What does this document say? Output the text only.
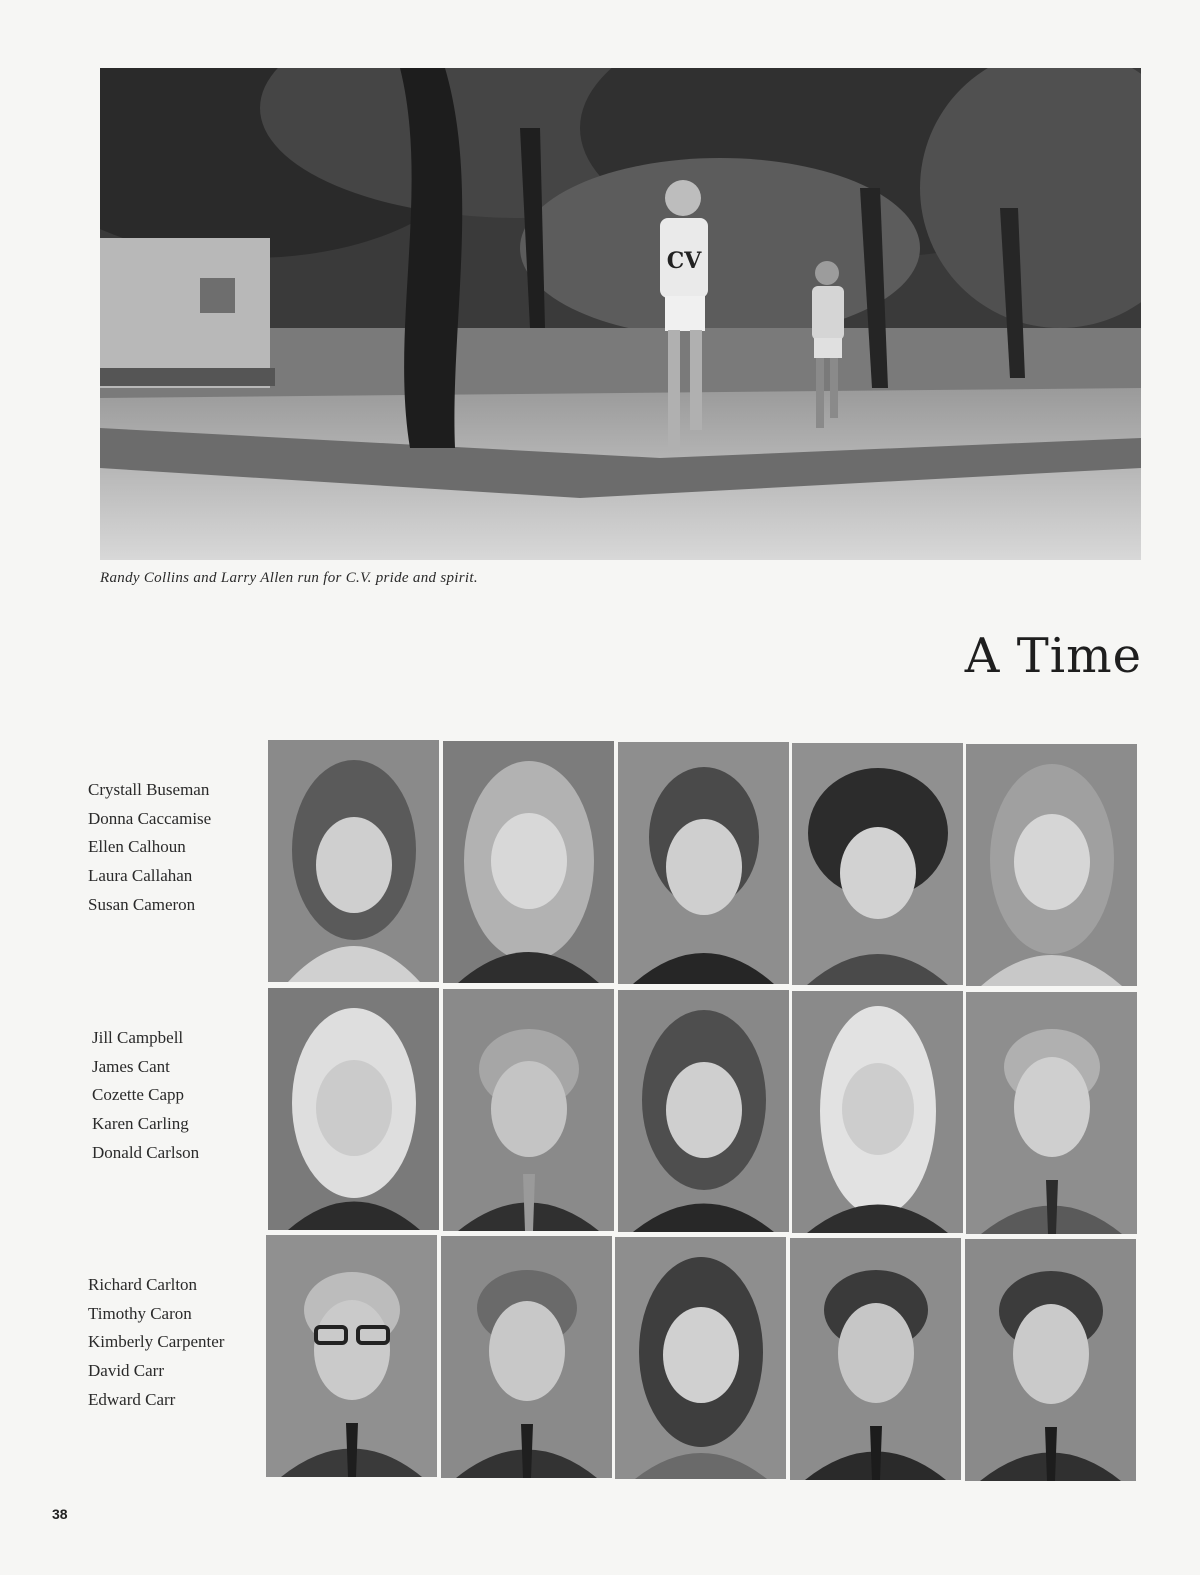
CV
Randy Collins and Larry Allen run for C.V. pride and spirit.
A Time
Crystall Buseman
Donna Caccamise
Ellen Calhoun
Laura Callahan
Susan Cameron
Jill Campbell
James Cant
Cozette Capp
Karen Carling
Donald Carlson
Richard Carlton
Timothy Caron
Kimberly Carpenter
David Carr
Edward Carr
38
